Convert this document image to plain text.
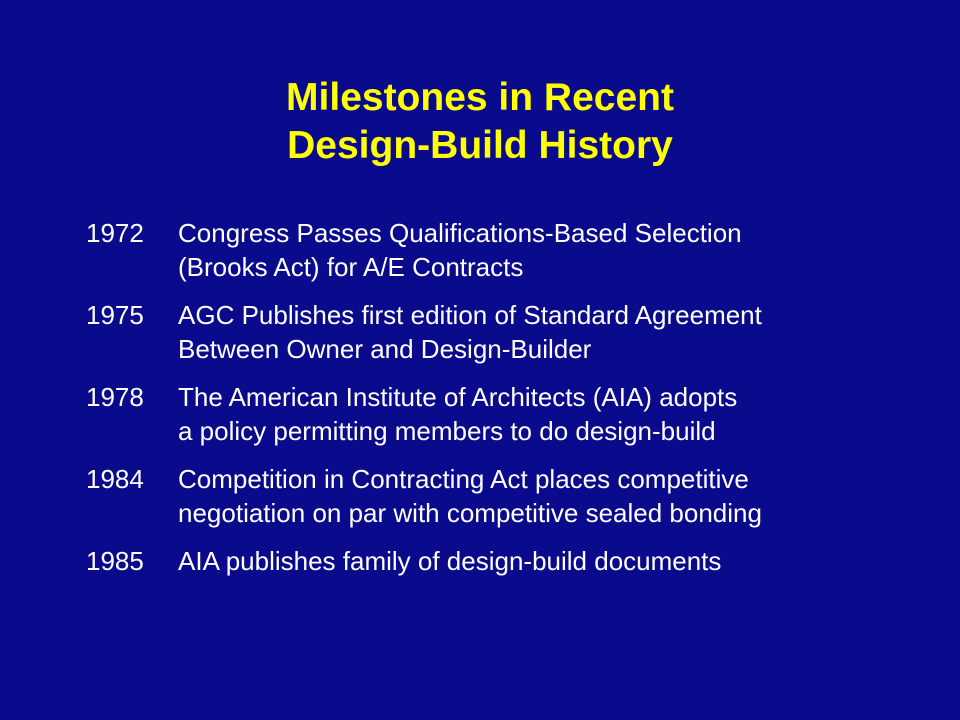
Milestones in Recent
Design-Build History
1972	Congress Passes Qualifications-Based Selection
(Brooks Act) for A/E Contracts
1975	AGC Publishes first edition of Standard Agreement
Between Owner and Design-Builder
1978	The American Institute of Architects (AIA) adopts
a policy permitting members to do design-build
1984	Competition in Contracting Act places competitive
negotiation on par with competitive sealed bonding
1985	AIA publishes family of design-build documents
